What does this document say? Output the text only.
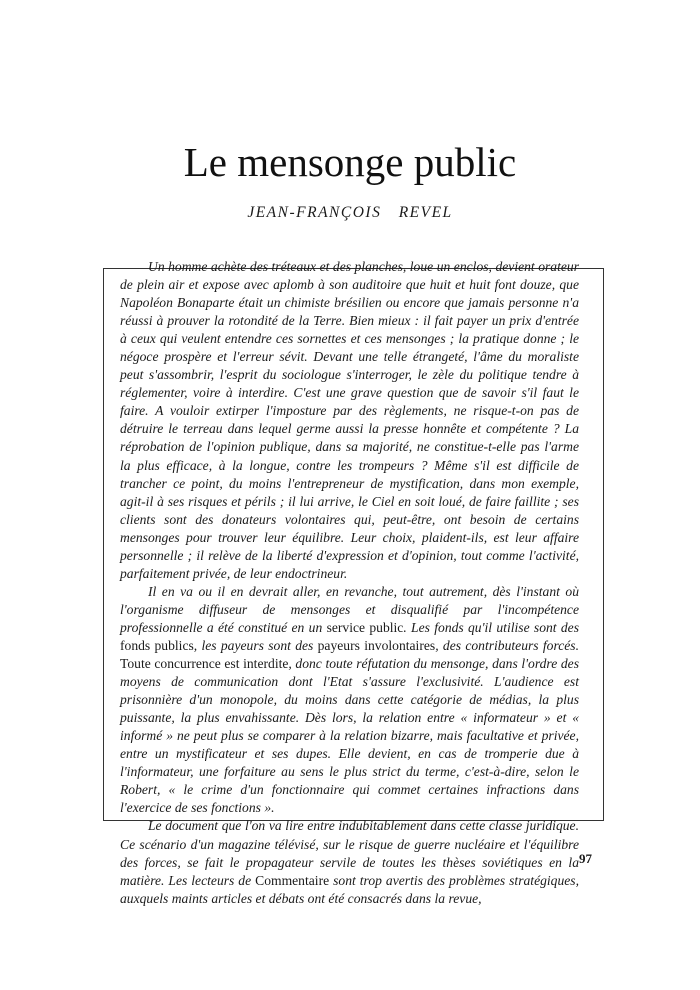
Le mensonge public
JEAN-FRANÇOIS REVEL

Un homme achète des tréteaux et des planches, loue un enclos, devient orateur de plein air et expose avec aplomb à son auditoire que huit et huit font douze, que Napoléon Bonaparte était un chimiste brésilien ou encore que jamais personne n'a réussi à prouver la rotondité de la Terre. Bien mieux : il fait payer un prix d'entrée à ceux qui veulent entendre ces sornettes et ces mensonges ; la pratique donne ; le négoce prospère et l'erreur sévit. Devant une telle étrangeté, l'âme du moraliste peut s'assombrir, l'esprit du sociologue s'interroger, le zèle du politique tendre à réglementer, voire à interdire. C'est une grave question que de savoir s'il faut le faire. A vouloir extirper l'imposture par des règlements, ne risque-t-on pas de détruire le terreau dans lequel germe aussi la presse honnête et compétente ? La réprobation de l'opinion publique, dans sa majorité, ne constitue-t-elle pas l'arme la plus efficace, à la longue, contre les trompeurs ? Même s'il est difficile de trancher ce point, du moins l'entrepreneur de mystification, dans mon exemple, agit-il à ses risques et périls ; il lui arrive, le Ciel en soit loué, de faire faillite ; ses clients sont des donateurs volontaires qui, peut-être, ont besoin de certains mensonges pour trouver leur équilibre. Leur choix, plaident-ils, est leur affaire personnelle ; il relève de la liberté d'expression et d'opinion, tout comme l'activité, parfaitement privée, de leur endoctrineur.

Il en va ou il en devrait aller, en revanche, tout autrement, dès l'instant où l'organisme diffuseur de mensonges et disqualifié par l'incompétence professionnelle a été constitué en un service public. Les fonds qu'il utilise sont des fonds publics, les payeurs sont des payeurs involontaires, des contributeurs forcés. Toute concurrence est interdite, donc toute réfutation du mensonge, dans l'ordre des moyens de communication dont l'Etat s'assure l'exclusivité. L'audience est prisonnière d'un monopole, du moins dans cette catégorie de médias, la plus puissante, la plus envahissante. Dès lors, la relation entre « informateur » et « informé » ne peut plus se comparer à la relation bizarre, mais facultative et privée, entre un mystificateur et ses dupes. Elle devient, en cas de tromperie due à l'informateur, une forfaiture au sens le plus strict du terme, c'est-à-dire, selon le Robert, « le crime d'un fonctionnaire qui commet certaines infractions dans l'exercice de ses fonctions ».

Le document que l'on va lire entre indubitablement dans cette classe juridique. Ce scénario d'un magazine télévisé, sur le risque de guerre nucléaire et l'équilibre des forces, se fait le propagateur servile de toutes les thèses soviétiques en la matière. Les lecteurs de Commentaire sont trop avertis des problèmes stratégiques, auxquels maints articles et débats ont été consacrés dans la revue,

97
